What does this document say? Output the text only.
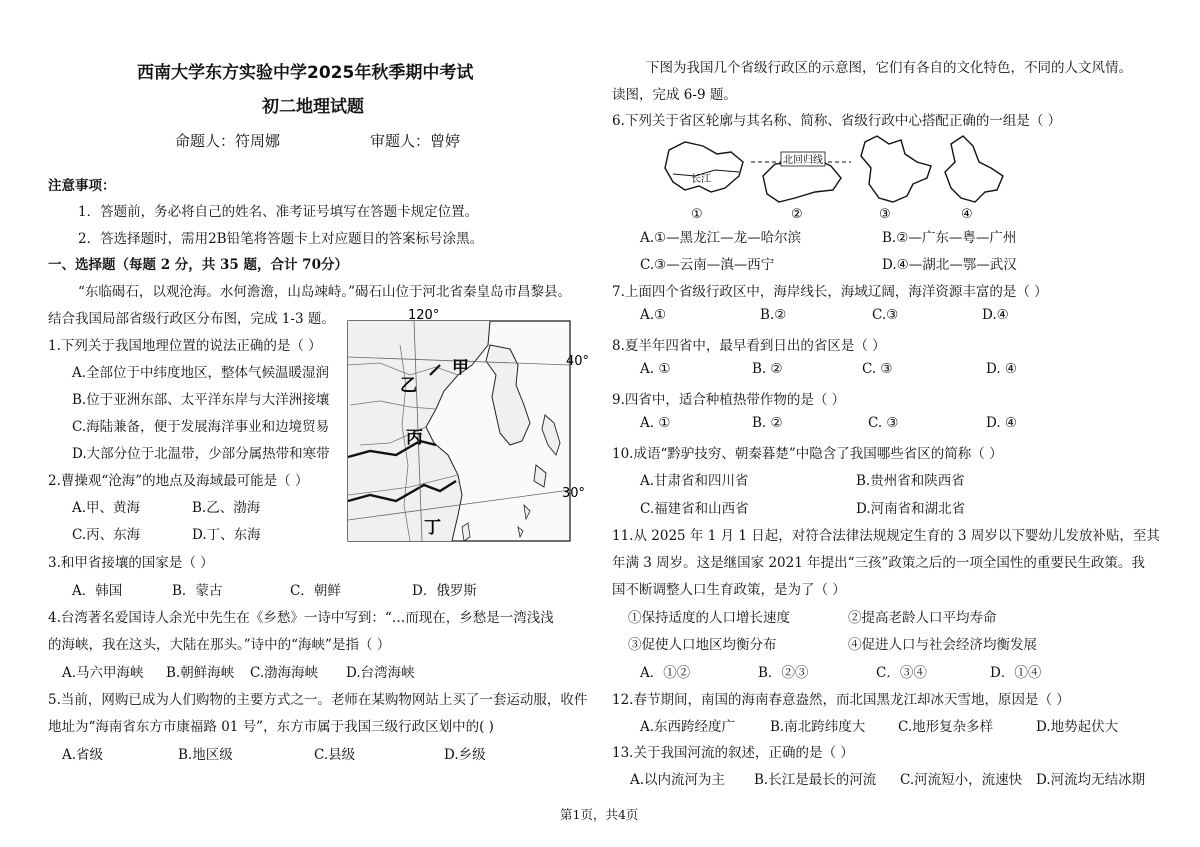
西南大学东方实验中学2025年秋季期中考试
初二地理试题
命题人：符周娜	审题人：曾婷
注意事项：
1．答题前，务必将自己的姓名、准考证号填写在答题卡规定位置。
2．答选择题时，需用2B铅笔将答题卡上对应题目的答案标号涂黑。
一、选择题（每题 2 分，共 35 题，合计 70分）
“东临碣石，以观沧海。水何澹澹，山岛竦峙。”碣石山位于河北省秦皇岛市昌黎县。
结合我国局部省级行政区分布图，完成 1-3 题。	120°
40°
30°
甲
乙
丙
丁
1.下列关于我国地理位置的说法正确的是（ ）
A.全部位于中纬度地区，整体气候温暖湿润
B.位于亚洲东部、太平洋东岸与大洋洲接壤
C.海陆兼备，便于发展海洋事业和边境贸易
D.大部分位于北温带，少部分属热带和寒带
2.曹操观“沧海”的地点及海域最可能是（ ）
A.甲、黄海	B.乙、渤海
C.丙、东海	D.丁、东海
3.和甲省接壤的国家是（ ）
A．韩国	B．蒙古	C．朝鲜	D．俄罗斯
4.台湾著名爱国诗人余光中先生在《乡愁》一诗中写到：“…而现在，乡愁是一湾浅浅
的海峡，我在这头，大陆在那头。”诗中的“海峡”是指（ ）
A.马六甲海峡 B.朝鲜海峡 C.渤海海峡 D.台湾海峡
5.当前，网购已成为人们购物的主要方式之一。老师在某购物网站上买了一套运动服，收件
地址为“海南省东方市康福路 01 号”，东方市属于我国三级行政区划中的( )
A.省级	B.地区级	C.县级	D.乡级
下图为我国几个省级行政区的示意图，它们有各自的文化特色，不同的人文风情。
读图，完成 6-9 题。
6.下列关于省区轮廓与其名称、简称、省级行政中心搭配正确的一组是（ ）
长江
北回归线
①	②	③	④
A.①—黑龙江—龙—哈尔滨	B.②—广东—粤—广州
C.③—云南—滇—西宁	D.④—湖北—鄂—武汉
7.上面四个省级行政区中，海岸线长，海域辽阔，海洋资源丰富的是（ ）
A.①	B.②	C.③	D.④
8.夏半年四省中，最早看到日出的省区是（ ）
A. ①	B. ②	C. ③	D. ④
9.四省中，适合种植热带作物的是（ ）
A. ①	B. ②	C. ③	D. ④
10.成语“黔驴技穷、朝秦暮楚”中隐含了我国哪些省区的简称（ ）
A.甘肃省和四川省	B.贵州省和陕西省
C.福建省和山西省	D.河南省和湖北省
11.从 2025 年 1 月 1 日起，对符合法律法规规定生育的 3 周岁以下婴幼儿发放补贴，至其
年满 3 周岁。这是继国家 2021 年提出“三孩”政策之后的一项全国性的重要民生政策。我
国不断调整人口生育政策，是为了（ ）
①保持适度的人口增长速度	②提高老龄人口平均寿命
③促使人口地区均衡分布	④促进人口与社会经济均衡发展
A．①②	B．②③	C．③④	D．①④
12.春节期间，南国的海南春意盎然，而北国黑龙江却冰天雪地，原因是（ ）
A.东西跨经度广	B.南北跨纬度大 C.地形复杂多样	D.地势起伏大
13.关于我国河流的叙述，正确的是（ ）
A.以内流河为主 B.长江是最长的河流 C.河流短小，流速快 D.河流均无结冰期
第1页，共4页
